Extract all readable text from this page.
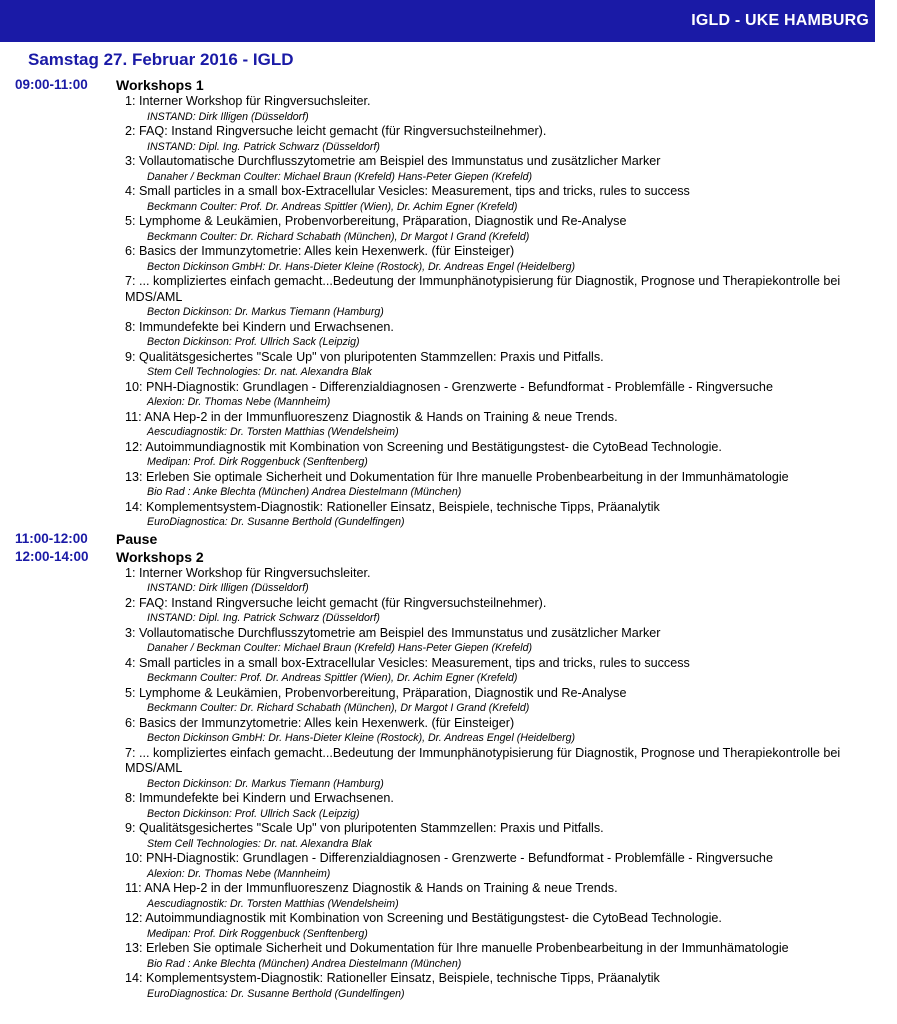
IGLD - UKE HAMBURG
Samstag 27. Februar 2016 - IGLD
09:00-11:00	Workshops 1
1: Interner Workshop für Ringversuchsleiter.
INSTAND: Dirk Illigen (Düsseldorf)
2: FAQ: Instand Ringversuche leicht gemacht (für Ringversuchsteilnehmer).
INSTAND: Dipl. Ing. Patrick Schwarz (Düsseldorf)
3: Vollautomatische Durchflusszytometrie am Beispiel des Immunstatus und zusätzlicher Marker
Danaher / Beckman Coulter: Michael Braun (Krefeld) Hans-Peter Giepen (Krefeld)
4: Small particles in a small box-Extracellular Vesicles: Measurement, tips and tricks, rules to success
Beckmann Coulter: Prof. Dr. Andreas Spittler (Wien), Dr. Achim Egner (Krefeld)
5: Lymphome & Leukämien, Probenvorbereitung, Präparation, Diagnostik und Re-Analyse
Beckmann Coulter: Dr. Richard Schabath (München), Dr Margot I Grand (Krefeld)
6: Basics der Immunzytometrie: Alles kein Hexenwerk. (für Einsteiger)
Becton Dickinson GmbH: Dr. Hans-Dieter Kleine (Rostock), Dr. Andreas Engel (Heidelberg)
7: ... kompliziertes einfach gemacht...Bedeutung der Immunphänotypisierung für Diagnostik, Prognose und Therapiekontrolle bei MDS/AML
Becton Dickinson: Dr. Markus Tiemann (Hamburg)
8: Immundefekte bei Kindern und Erwachsenen.
Becton Dickinson: Prof. Ullrich Sack (Leipzig)
9: Qualitätsgesichertes "Scale Up" von pluripotenten Stammzellen: Praxis und Pitfalls.
Stem Cell Technologies: Dr. nat. Alexandra Blak
10: PNH-Diagnostik: Grundlagen - Differenzialdiagnosen - Grenzwerte - Befundformat - Problemfälle - Ringversuche
Alexion: Dr. Thomas Nebe (Mannheim)
11: ANA Hep-2 in der Immunfluoreszenz Diagnostik & Hands on Training & neue Trends.
Aescudiagnostik: Dr. Torsten Matthias (Wendelsheim)
12: Autoimmundiagnostik mit Kombination von Screening und Bestätigungstest- die CytoBead Technologie.
Medipan: Prof. Dirk Roggenbuck (Senftenberg)
13: Erleben Sie optimale Sicherheit und Dokumentation für Ihre manuelle Probenbearbeitung in der Immunhämatologie
Bio Rad : Anke Blechta (München) Andrea Diestelmann (München)
14: Komplementsystem-Diagnostik: Rationeller Einsatz, Beispiele, technische Tipps, Präanalytik
EuroDiagnostica: Dr. Susanne Berthold (Gundelfingen)
11:00-12:00	Pause
12:00-14:00	Workshops 2
1: Interner Workshop für Ringversuchsleiter.
INSTAND: Dirk Illigen (Düsseldorf)
2: FAQ: Instand Ringversuche leicht gemacht (für Ringversuchsteilnehmer).
INSTAND: Dipl. Ing. Patrick Schwarz (Düsseldorf)
3: Vollautomatische Durchflusszytometrie am Beispiel des Immunstatus und zusätzlicher Marker
Danaher / Beckman Coulter: Michael Braun (Krefeld) Hans-Peter Giepen (Krefeld)
4: Small particles in a small box-Extracellular Vesicles: Measurement, tips and tricks, rules to success
Beckmann Coulter: Prof. Dr. Andreas Spittler (Wien), Dr. Achim Egner (Krefeld)
5: Lymphome & Leukämien, Probenvorbereitung, Präparation, Diagnostik und Re-Analyse
Beckmann Coulter: Dr. Richard Schabath (München), Dr Margot I Grand (Krefeld)
6: Basics der Immunzytometrie: Alles kein Hexenwerk. (für Einsteiger)
Becton Dickinson GmbH: Dr. Hans-Dieter Kleine (Rostock), Dr. Andreas Engel (Heidelberg)
7: ... kompliziertes einfach gemacht...Bedeutung der Immunphänotypisierung für Diagnostik, Prognose und Therapiekontrolle bei MDS/AML
Becton Dickinson: Dr. Markus Tiemann (Hamburg)
8: Immundefekte bei Kindern und Erwachsenen.
Becton Dickinson: Prof. Ullrich Sack (Leipzig)
9: Qualitätsgesichertes "Scale Up" von pluripotenten Stammzellen: Praxis und Pitfalls.
Stem Cell Technologies: Dr. nat. Alexandra Blak
10: PNH-Diagnostik: Grundlagen - Differenzialdiagnosen - Grenzwerte - Befundformat - Problemfälle - Ringversuche
Alexion: Dr. Thomas Nebe (Mannheim)
11: ANA Hep-2 in der Immunfluoreszenz Diagnostik & Hands on Training & neue Trends.
Aescudiagnostik: Dr. Torsten Matthias (Wendelsheim)
12: Autoimmundiagnostik mit Kombination von Screening und Bestätigungstest- die CytoBead Technologie.
Medipan: Prof. Dirk Roggenbuck (Senftenberg)
13: Erleben Sie optimale Sicherheit und Dokumentation für Ihre manuelle Probenbearbeitung in der Immunhämatologie
Bio Rad : Anke Blechta (München) Andrea Diestelmann (München)
14: Komplementsystem-Diagnostik: Rationeller Einsatz, Beispiele, technische Tipps, Präanalytik
EuroDiagnostica: Dr. Susanne Berthold (Gundelfingen)
